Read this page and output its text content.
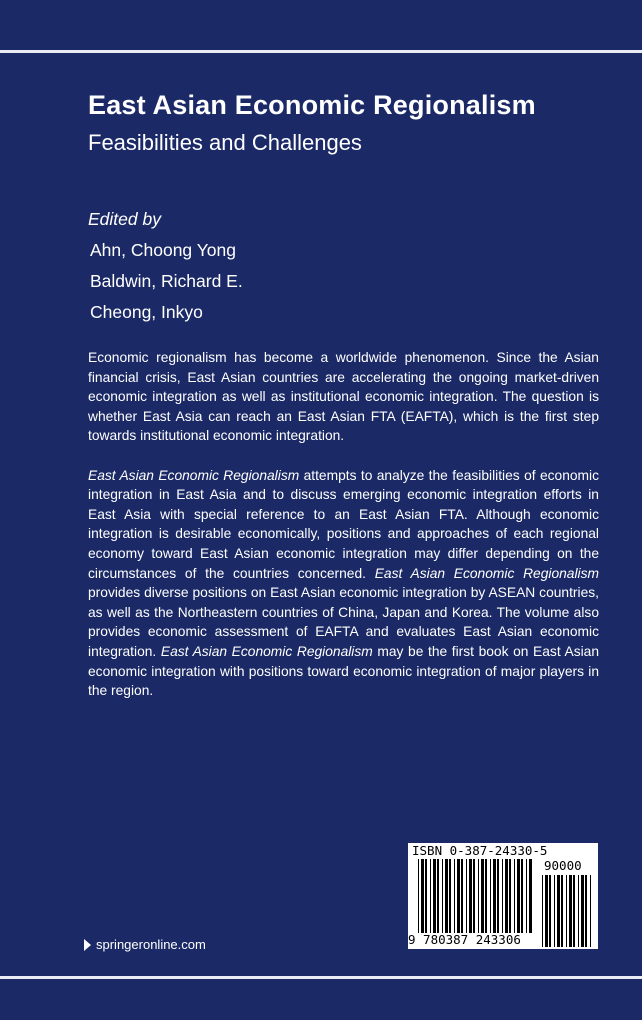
East Asian Economic Regionalism
Feasibilities and Challenges
Edited by
Ahn, Choong Yong
Baldwin, Richard E.
Cheong, Inkyo

Economic regionalism has become a worldwide phenomenon. Since the Asian financial crisis, East Asian countries are accelerating the ongoing market-driven economic integration as well as institutional economic integration. The question is whether East Asia can reach an East Asian FTA (EAFTA), which is the first step towards institutional economic integration.

East Asian Economic Regionalism attempts to analyze the feasibilities of economic integration in East Asia and to discuss emerging economic integration efforts in East Asia with special reference to an East Asian FTA. Although economic integration is desirable economically, positions and approaches of each regional economy toward East Asian economic integration may differ depending on the circumstances of the countries concerned. East Asian Economic Regionalism provides diverse positions on East Asian economic integration by ASEAN countries, as well as the Northeastern countries of China, Japan and Korea. The volume also provides economic assessment of EAFTA and evaluates East Asian economic integration. East Asian Economic Regionalism may be the first book on East Asian economic integration with positions toward economic integration of major players in the region.

ISBN 0-387-24330-5
90000
9 780387 243306
springeronline.com
